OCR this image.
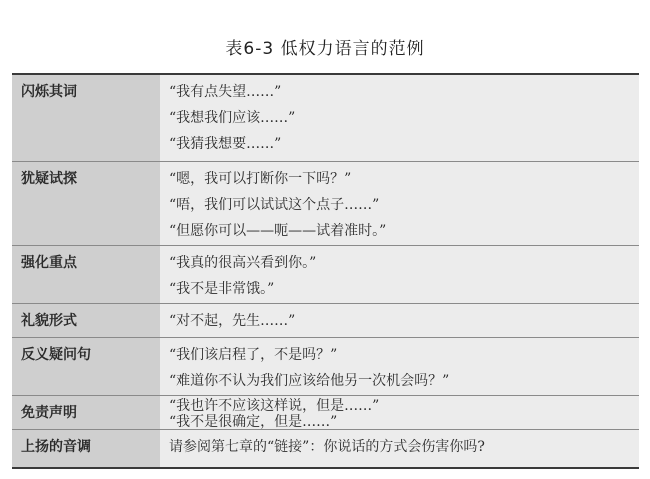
表6-3 低权力语言的范例
闪烁其词	“我有点失望……”
“我想我们应该……”
“我猜我想要……”
犹疑试探	“嗯，我可以打断你一下吗？”
“唔，我们可以试试这个点子……”
“但愿你可以——呃——试着准时。”
强化重点	“我真的很高兴看到你。”
“我不是非常饿。”
礼貌形式	“对不起，先生……”
反义疑问句	“我们该启程了，不是吗？”
“难道你不认为我们应该给他另一次机会吗？”
免责声明	“我也许不应该这样说，但是……”
“我不是很确定，但是……”
上扬的音调	请参阅第七章的“链接”：你说话的方式会伤害你吗?
